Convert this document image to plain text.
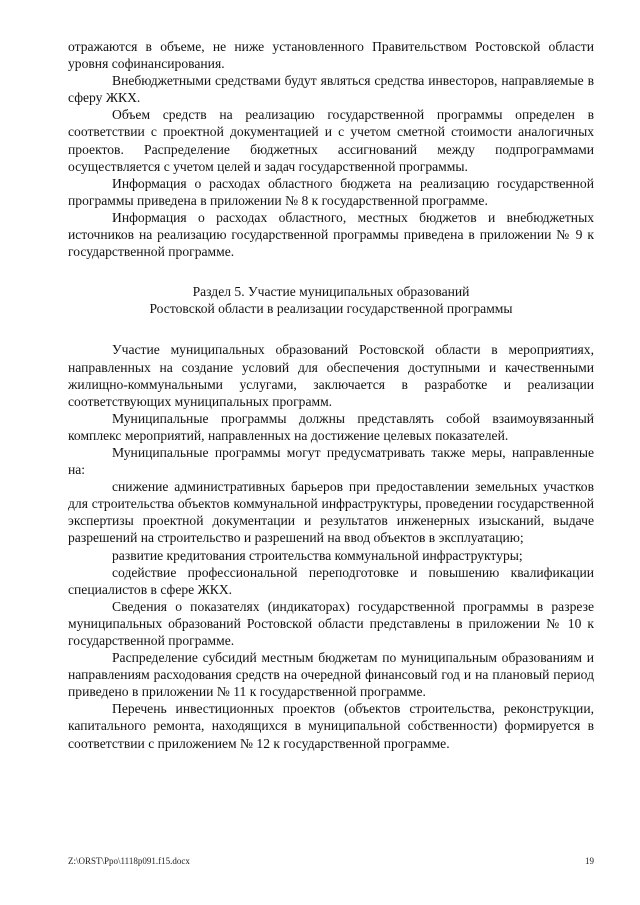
отражаются в объеме, не ниже установленного Правительством Ростовской области уровня софинансирования.

Внебюджетными средствами будут являться средства инвесторов, направляемые в сферу ЖКХ.

Объем средств на реализацию государственной программы определен в соответствии с проектной документацией и с учетом сметной стоимости аналогичных проектов. Распределение бюджетных ассигнований между подпрограммами осуществляется с учетом целей и задач государственной программы.

Информация о расходах областного бюджета на реализацию государственной программы приведена в приложении № 8 к государственной программе.

Информация о расходах областного, местных бюджетов и внебюджетных источников на реализацию государственной программы приведена в приложении № 9 к государственной программе.

Раздел 5. Участие муниципальных образований
Ростовской области в реализации государственной программы

Участие муниципальных образований Ростовской области в мероприятиях, направленных на создание условий для обеспечения доступными и качественными жилищно-коммунальными услугами, заключается в разработке и реализации соответствующих муниципальных программ.

Муниципальные программы должны представлять собой взаимоувязанный комплекс мероприятий, направленных на достижение целевых показателей.

Муниципальные программы могут предусматривать также меры, направленные на:

снижение административных барьеров при предоставлении земельных участков для строительства объектов коммунальной инфраструктуры, проведении государственной экспертизы проектной документации и результатов инженерных изысканий, выдаче разрешений на строительство и разрешений на ввод объектов в эксплуатацию;

развитие кредитования строительства коммунальной инфраструктуры;

содействие профессиональной переподготовке и повышению квалификации специалистов в сфере ЖКХ.

Сведения о показателях (индикаторах) государственной программы в разрезе муниципальных образований Ростовской области представлены в приложении № 10 к государственной программе.

Распределение субсидий местным бюджетам по муниципальным образованиям и направлениям расходования средств на очередной финансовый год и на плановый период приведено в приложении № 11 к государственной программе.

Перечень инвестиционных проектов (объектов строительства, реконструкции, капитального ремонта, находящихся в муниципальной собственности) формируется в соответствии с приложением № 12 к государственной программе.

Z:\ORST\Ppo\1118p091.f15.docx	19
